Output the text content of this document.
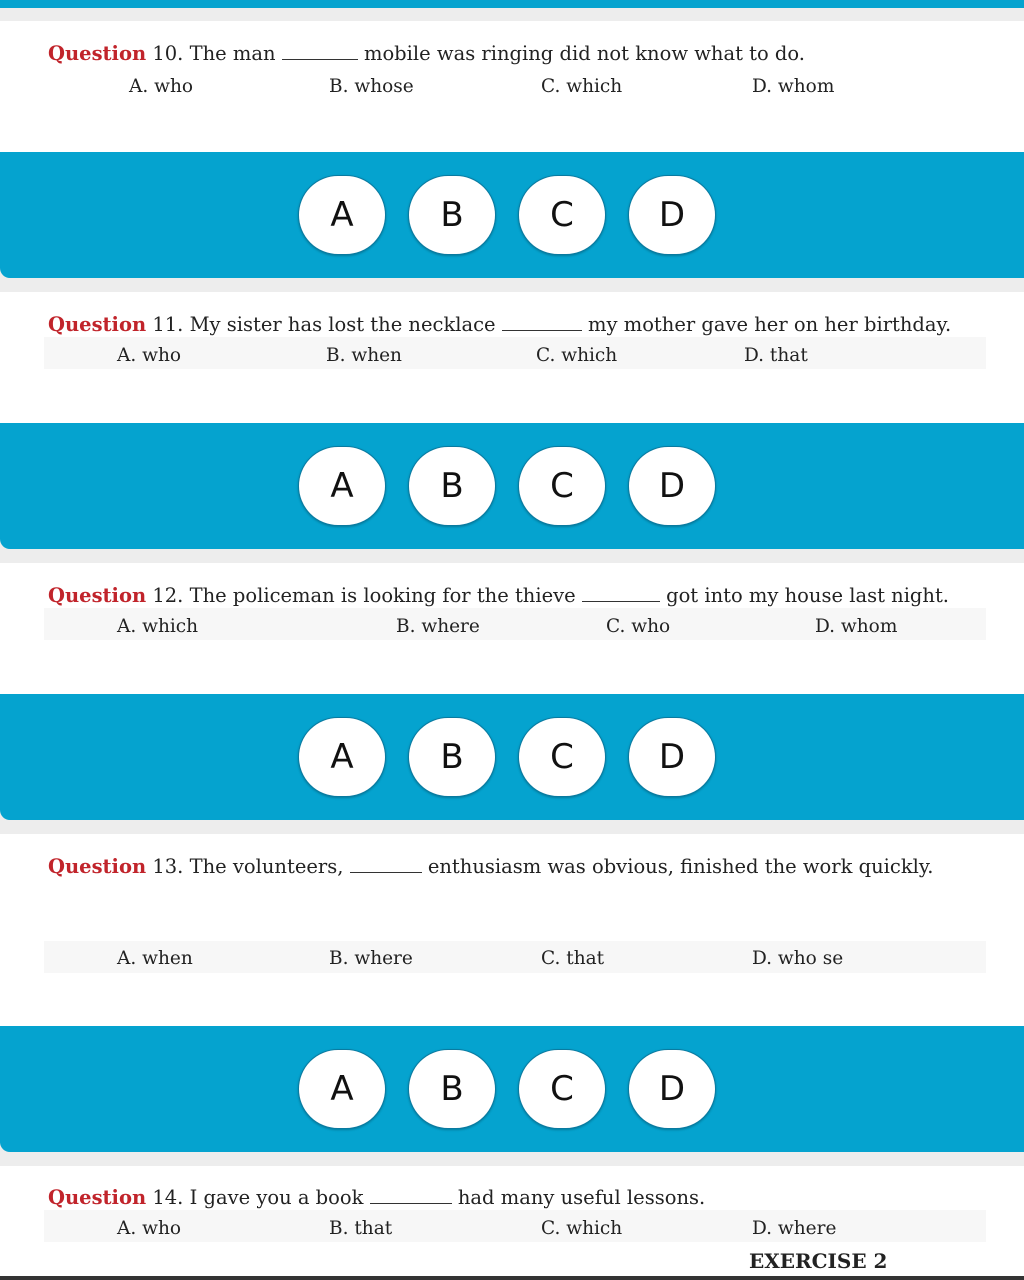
Question 10. The man	mobile was ringing did not know what to do.
A. who	B. whose	C. which	D. whom
A	B	C	D
Question 11. My sister has lost the necklace	my mother gave her on her birthday.
A. who	B. when	C. which	D. that
A	B	C	D
Question 12. The policeman is looking for the thieve	got into my house last night.
A. which	B. where	C. who	D. whom
A	B	C	D
Question 13. The volunteers,	enthusiasm was obvious, finished the work quickly.
A. when	B. where	C. that	D. who se
A	B	C	D
Question 14. I gave you a book	had many useful lessons.
A. who	B. that	C. which	D. where
EXERCISE 2
